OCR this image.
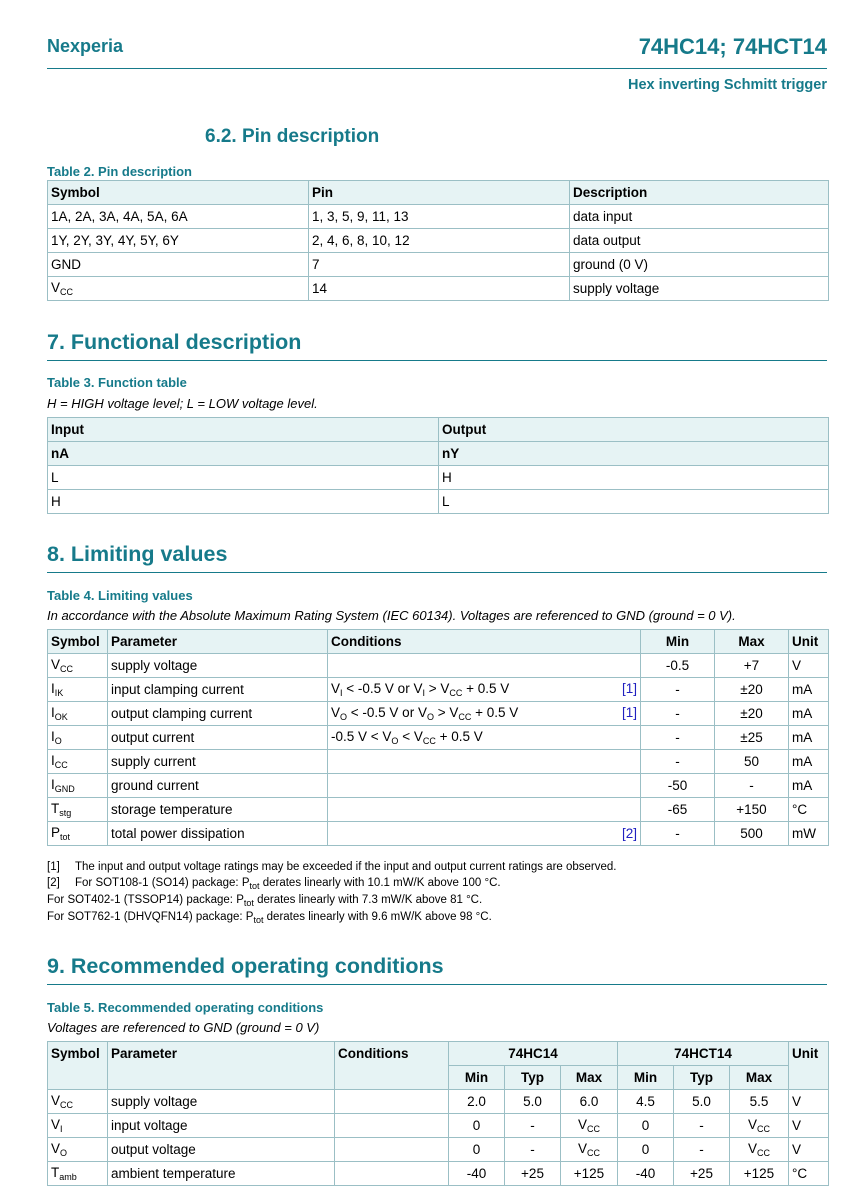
Nexperia	74HC14; 74HCT14
Hex inverting Schmitt trigger
6.2. Pin description
Table 2. Pin description
Symbol	Pin	Description
1A, 2A, 3A, 4A, 5A, 6A	1, 3, 5, 9, 11, 13	data input
1Y, 2Y, 3Y, 4Y, 5Y, 6Y	2, 4, 6, 8, 10, 12	data output
GND	7	ground (0 V)
$V_{CC}$	14	supply voltage
7. Functional description
Table 3. Function table
H = HIGH voltage level; L = LOW voltage level.
Input	Output
nA	nY
L	H
H	L
8. Limiting values
Table 4. Limiting values
In accordance with the Absolute Maximum Rating System (IEC 60134). Voltages are referenced to GND (ground = 0 V).
Symbol	Parameter	Conditions	Min	Max	Unit
$V_{CC}$	supply voltage		-0.5	+7	V
$I_{IK}$	input clamping current	$V_I < -0.5$ V or $V_I > V_{CC} + 0.5$ V [1]	-	±20	mA
$I_{OK}$	output clamping current	$V_O < -0.5$ V or $V_O > V_{CC} + 0.5$ V [1]	-	±20	mA
$I_O$	output current	-0.5 $V < V_O < V_{CC} + 0.5$ V	-	±25	mA
$I_{CC}$	supply current		-	50	mA
$I_{GND}$	ground current		-50	-	mA
$T_{stg}$	storage temperature		-65	+150	°C
$P_{tot}$	total power dissipation	[2]	-	500	mW
[1] The input and output voltage ratings may be exceeded if the input and output current ratings are observed.
[2] For SOT108-1 (SO14) package: $P_{tot}$ derates linearly with 10.1 mW/K above 100 °C.
For SOT402-1 (TSSOP14) package: $P_{tot}$ derates linearly with 7.3 mW/K above 81 °C.
For SOT762-1 (DHVQFN14) package: $P_{tot}$ derates linearly with 9.6 mW/K above 98 °C.
9. Recommended operating conditions
Table 5. Recommended operating conditions
Voltages are referenced to GND (ground = 0 V)
Symbol	Parameter	Conditions	74HC14			74HCT14			Unit
			Min	Typ	Max	Min	Typ	Max	
$V_{CC}$	supply voltage		2.0	5.0	6.0	4.5	5.0	5.5	V
$V_I$	input voltage		0	-	$V_{CC}$	0	-	$V_{CC}$	V
$V_O$	output voltage		0	-	$V_{CC}$	0	-	$V_{CC}$	V
$T_{amb}$	ambient temperature		-40	+25	+125	-40	+25	+125	°C
